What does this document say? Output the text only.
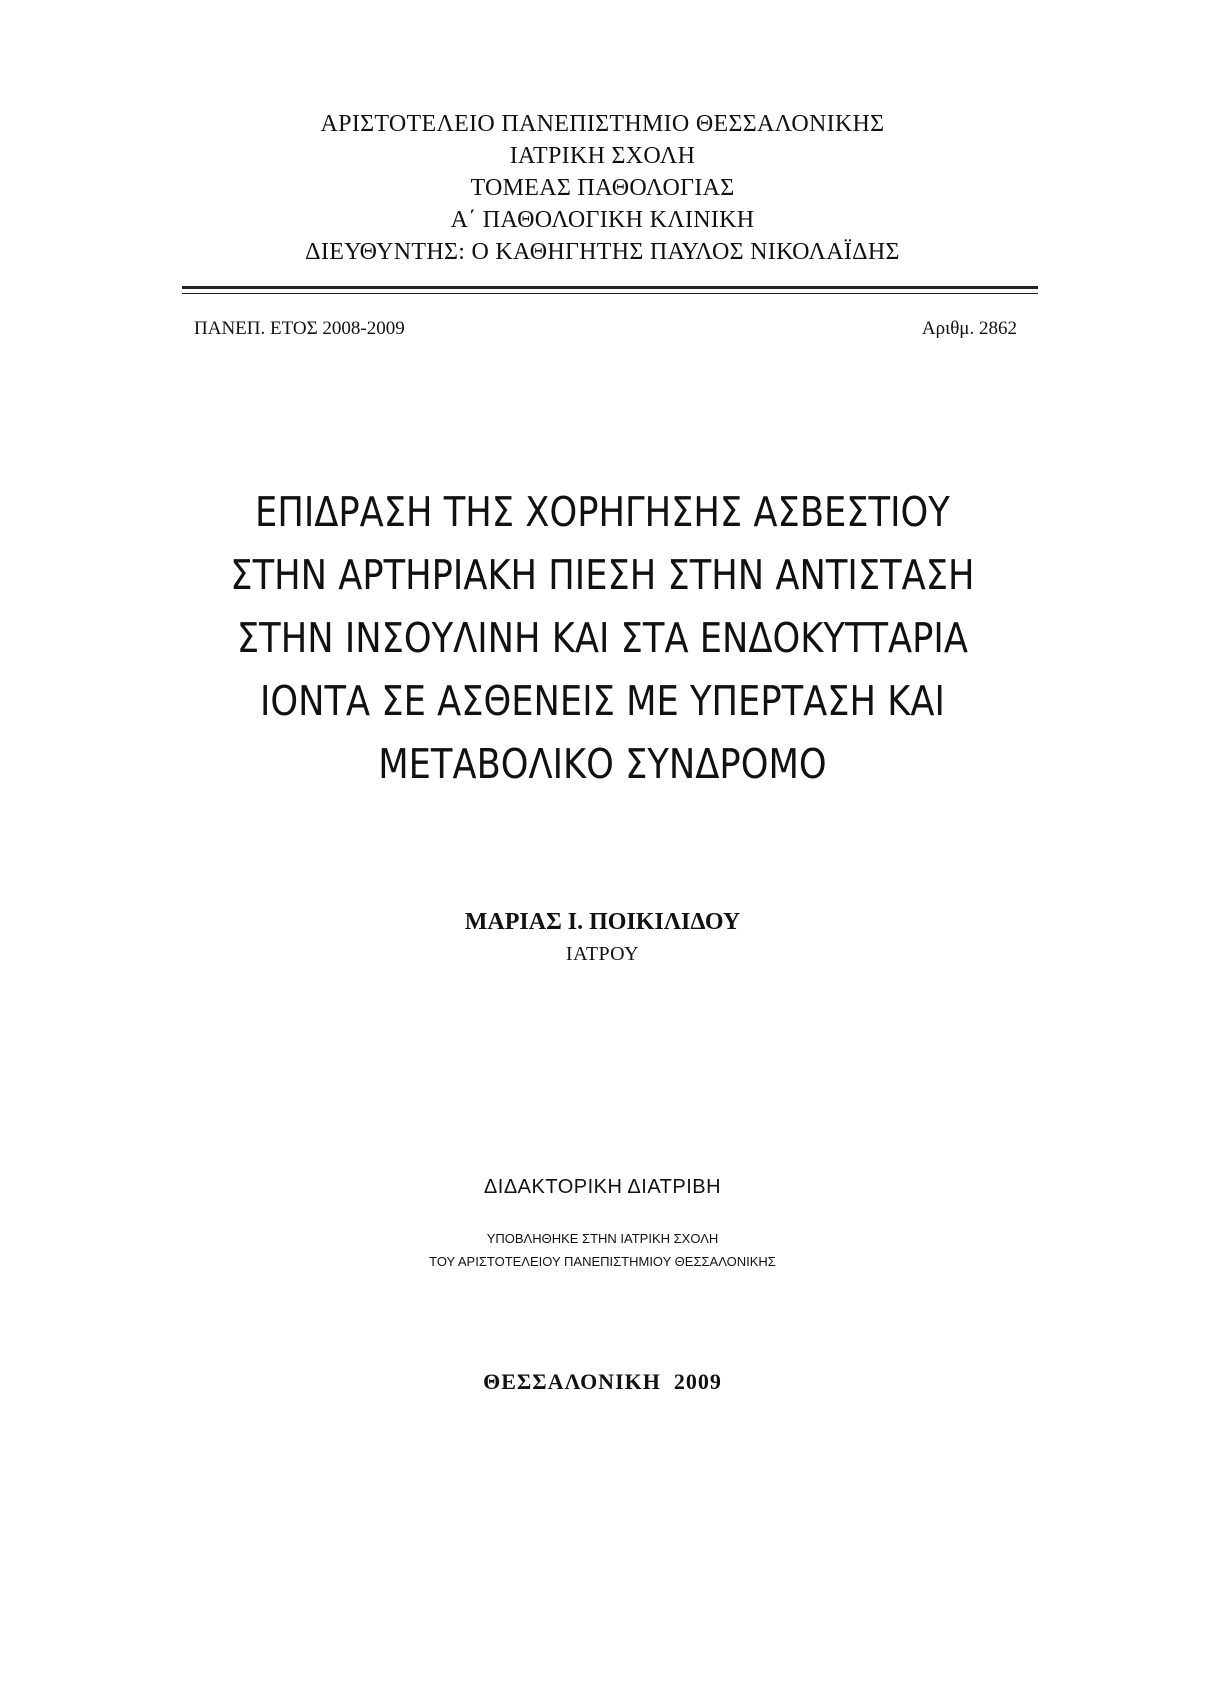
ΑΡΙΣΤΟΤΕΛΕΙΟ ΠΑΝΕΠΙΣΤΗΜΙΟ ΘΕΣΣΑΛΟΝΙΚΗΣ
ΙΑΤΡΙΚΗ ΣΧΟΛΗ
ΤΟΜΕΑΣ ΠΑΘΟΛΟΓΙΑΣ
Α΄ ΠΑΘΟΛΟΓΙΚΗ ΚΛΙΝΙΚΗ
ΔΙΕΥΘΥΝΤΗΣ: Ο ΚΑΘΗΓΗΤΗΣ ΠΑΥΛΟΣ ΝΙΚΟΛΑΪΔΗΣ
ΠΑΝΕΠ. ΕΤΟΣ 2008-2009	Αριθμ. 2862
ΕΠΙΔΡΑΣΗ ΤΗΣ ΧΟΡΗΓΗΣΗΣ ΑΣΒΕΣΤΙΟΥ
ΣΤΗΝ ΑΡΤΗΡΙΑΚΗ ΠΙΕΣΗ ΣΤΗΝ ΑΝΤΙΣΤΑΣΗ
ΣΤΗΝ ΙΝΣΟΥΛΙΝΗ ΚΑΙ ΣΤΑ ΕΝΔΟΚΥΤΤΑΡΙΑ
ΙΟΝΤΑ ΣΕ ΑΣΘΕΝΕΙΣ ΜΕ ΥΠΕΡΤΑΣΗ ΚΑΙ
ΜΕΤΑΒΟΛΙΚΟ ΣΥΝΔΡΟΜΟ
ΜΑΡΙΑΣ Ι. ΠΟΙΚΙΛΙΔΟΥ
ΙΑΤΡΟΥ
ΔΙΔΑΚΤΟΡΙΚΗ ΔΙΑΤΡΙΒΗ
ΥΠΟΒΛΗΘΗΚΕ ΣΤΗΝ ΙΑΤΡΙΚΗ ΣΧΟΛΗ
ΤΟΥ ΑΡΙΣΤΟΤΕΛΕΙΟΥ ΠΑΝΕΠΙΣΤΗΜΙΟΥ ΘΕΣΣΑΛΟΝΙΚΗΣ
ΘΕΣΣΑΛΟΝΙΚΗ  2009
